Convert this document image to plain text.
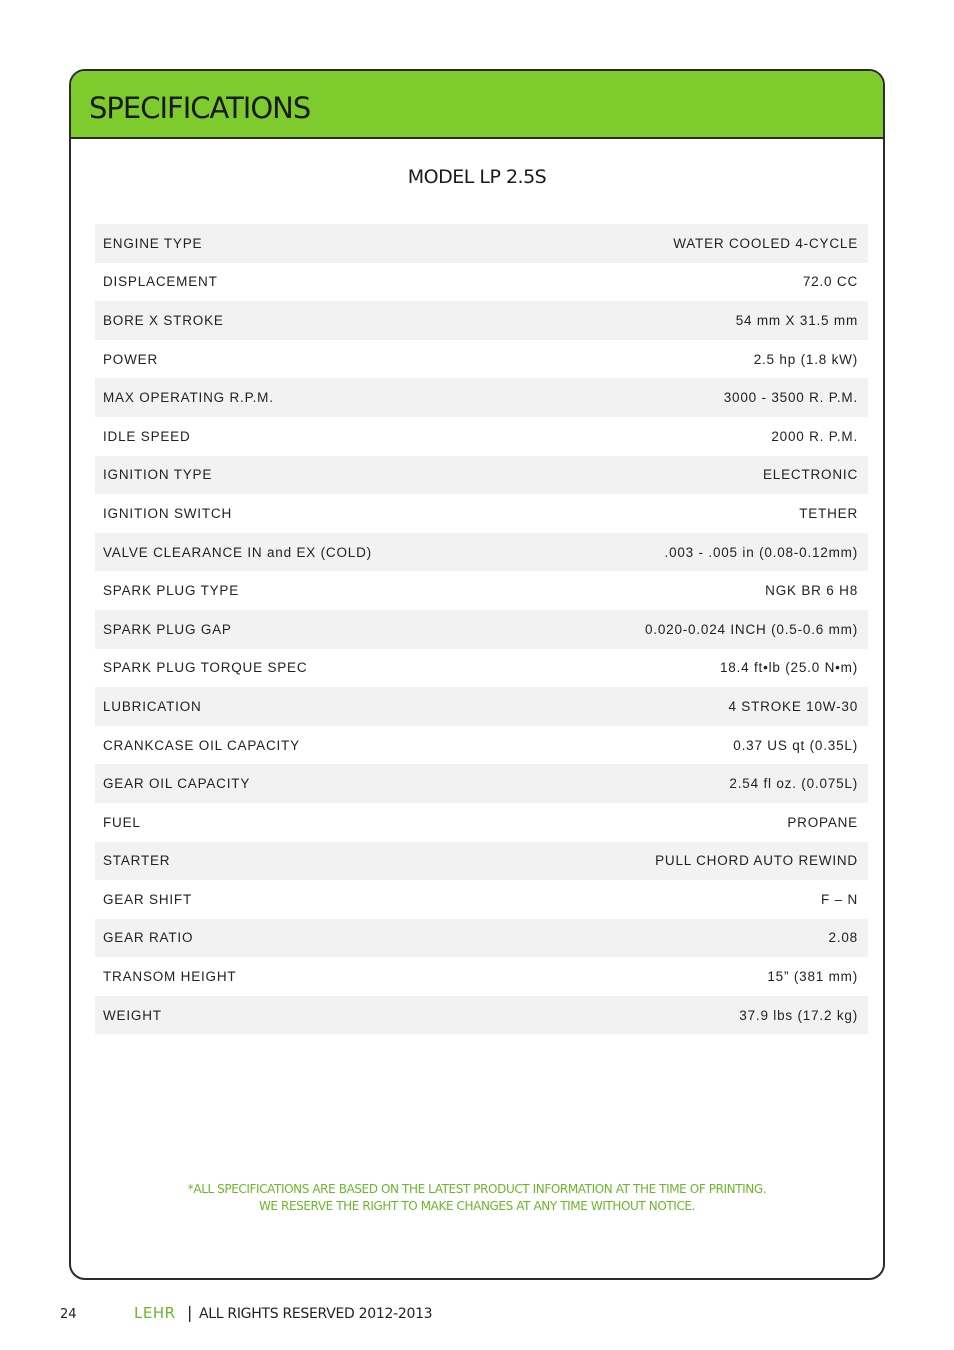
SPECIFICATIONS
MODEL LP 2.5S
ENGINE TYPE	WATER COOLED 4-CYCLE
DISPLACEMENT	72.0 CC
BORE X STROKE	54 mm X 31.5 mm
POWER	2.5 hp (1.8 kW)
MAX OPERATING R.P.M.	3000 - 3500 R. P.M.
IDLE SPEED	2000 R. P.M.
IGNITION TYPE	ELECTRONIC
IGNITION SWITCH	TETHER
VALVE CLEARANCE IN and EX (COLD)	.003 - .005 in (0.08-0.12mm)
SPARK PLUG TYPE	NGK BR 6 H8
SPARK PLUG GAP	0.020-0.024 INCH (0.5-0.6 mm)
SPARK PLUG TORQUE SPEC	18.4 ft•lb (25.0 N•m)
LUBRICATION	4 STROKE 10W-30
CRANKCASE OIL CAPACITY	0.37 US qt (0.35L)
GEAR OIL CAPACITY	2.54 fl oz. (0.075L)
FUEL	PROPANE
STARTER	PULL CHORD AUTO REWIND
GEAR SHIFT	F – N
GEAR RATIO	2.08
TRANSOM HEIGHT	15” (381 mm)
WEIGHT	37.9 lbs (17.2 kg)
*ALL SPECIFICATIONS ARE BASED ON THE LATEST PRODUCT INFORMATION AT THE TIME OF PRINTING.
WE RESERVE THE RIGHT TO MAKE CHANGES AT ANY TIME WITHOUT NOTICE.
24	LEHR | ALL RIGHTS RESERVED 2012-2013
